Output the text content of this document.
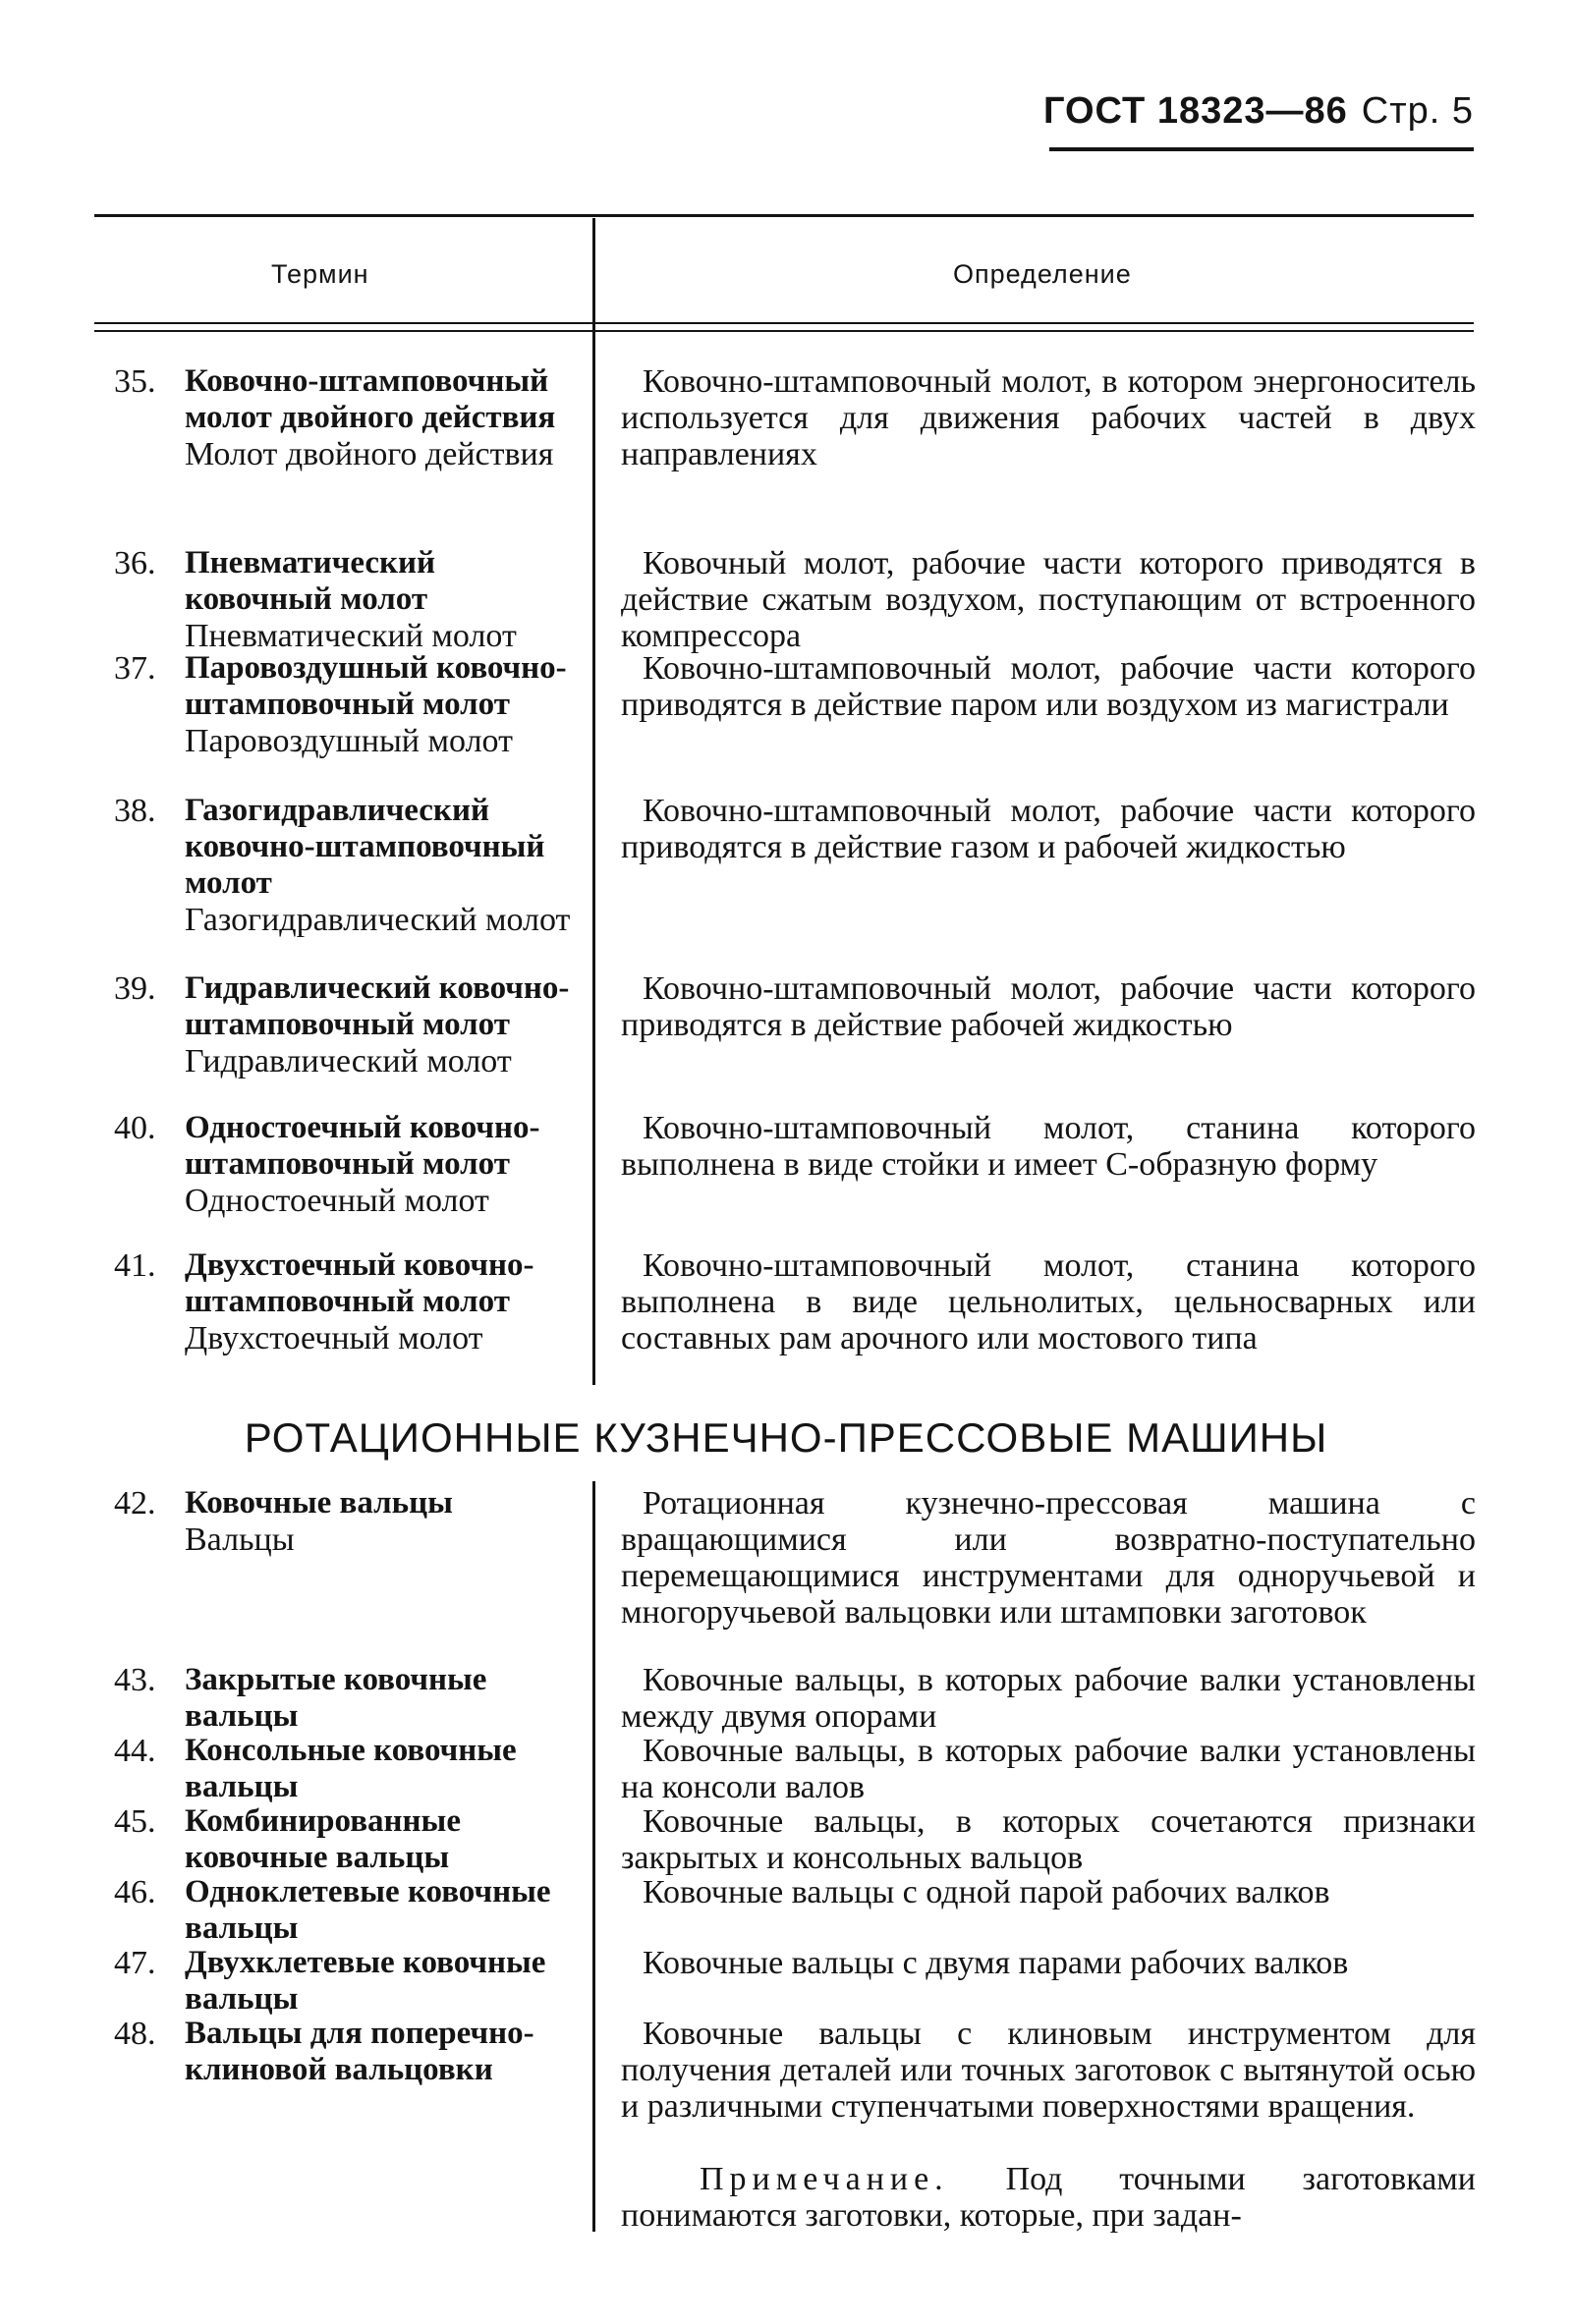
ГОСТ 18323—86 Стр. 5
Термин	Определение
35. Ковочно-штамповочный молот двойного действия
Молот двойного действия
Ковочно-штамповочный молот, в котором энергоноситель используется для движения рабочих частей в двух направлениях
36. Пневматический ковочный молот
Пневматический молот
Ковочный молот, рабочие части которого приводятся в действие сжатым воздухом, поступающим от встроенного компрессора
37. Паровоздушный ковочно-штамповочный молот
Паровоздушный молот
Ковочно-штамповочный молот, рабочие части которого приводятся в действие паром или воздухом из магистрали
38. Газогидравлический ковочно-штамповочный молот
Газогидравлический молот
Ковочно-штамповочный молот, рабочие части которого приводятся в действие газом и рабочей жидкостью
39. Гидравлический ковочно-штамповочный молот
Гидравлический молот
Ковочно-штамповочный молот, рабочие части которого приводятся в действие рабочей жидкостью
40. Одностоечный ковочно-штамповочный молот
Одностоечный молот
Ковочно-штамповочный молот, станина которого выполнена в виде стойки и имеет С-образную форму
41. Двухстоечный ковочно-штамповочный молот
Двухстоечный молот
Ковочно-штамповочный молот, станина которого выполнена в виде цельнолитых, цельносварных или составных рам арочного или мостового типа
РОТАЦИОННЫЕ КУЗНЕЧНО-ПРЕССОВЫЕ МАШИНЫ
42. Ковочные вальцы
Вальцы
Ротационная кузнечно-прессовая машина с вращающимися или возвратно-поступательно перемещающимися инструментами для одноручьевой и многоручьевой вальцовки или штамповки заготовок
43. Закрытые ковочные вальцы
Ковочные вальцы, в которых рабочие валки установлены между двумя опорами
44. Консольные ковочные вальцы
Ковочные вальцы, в которых рабочие валки установлены на консоли валов
45. Комбинированные ковочные вальцы
Ковочные вальцы, в которых сочетаются признаки закрытых и консольных вальцов
46. Одноклетевые ковочные вальцы
Ковочные вальцы с одной парой рабочих валков
47. Двухклетевые ковочные вальцы
Ковочные вальцы с двумя парами рабочих валков
48. Вальцы для поперечно-клиновой вальцовки
Ковочные вальцы с клиновым инструментом для получения деталей или точных заготовок с вытянутой осью и различными ступенчатыми поверхностями вращения.
Примечание. Под точными заготовками понимаются заготовки, которые, при задан-
